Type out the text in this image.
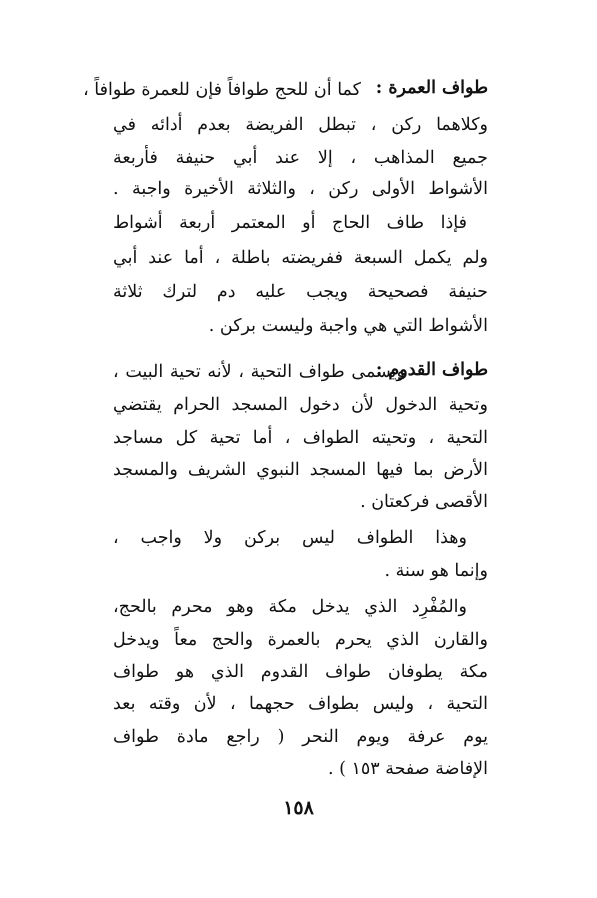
طواف العمرة :
كما أن للحج طوافاً فإن للعمرة طوافاً ،
وكلاهما ركن ، تبطل الفريضة بعدم أدائه في
جميع المذاهب ، إلا عند أبي حنيفة فأربعة
الأشواط الأولى ركن ، والثلاثة الأخيرة واجبة .
فإذا طاف الحاج أو المعتمر أربعة أشواط
ولم يكمل السبعة ففريضته باطلة ، أما عند أبي
حنيفة فصحيحة ويجب عليه دم لترك ثلاثة
الأشواط التي هي واجبة وليست بركن .
طواف القدوم :
ويسمى طواف التحية ، لأنه تحية البيت ،
وتحية الدخول لأن دخول المسجد الحرام يقتضي
التحية ، وتحيته الطواف ، أما تحية كل مساجد
الأرض بما فيها المسجد النبوي الشريف والمسجد
الأقصى فركعتان .
وهذا الطواف ليس بركن ولا واجب ،
وإنما هو سنة .
والمُفْرِد الذي يدخل مكة وهو محرم بالحج،
والقارن الذي يحرم بالعمرة والحج معاً ويدخل
مكة يطوفان طواف القدوم الذي هو طواف
التحية ، وليس بطواف حجهما ، لأن وقته بعد
يوم عرفة ويوم النحر ( راجع مادة طواف
الإفاضة صفحة ١٥٣ ) .
١٥٨
